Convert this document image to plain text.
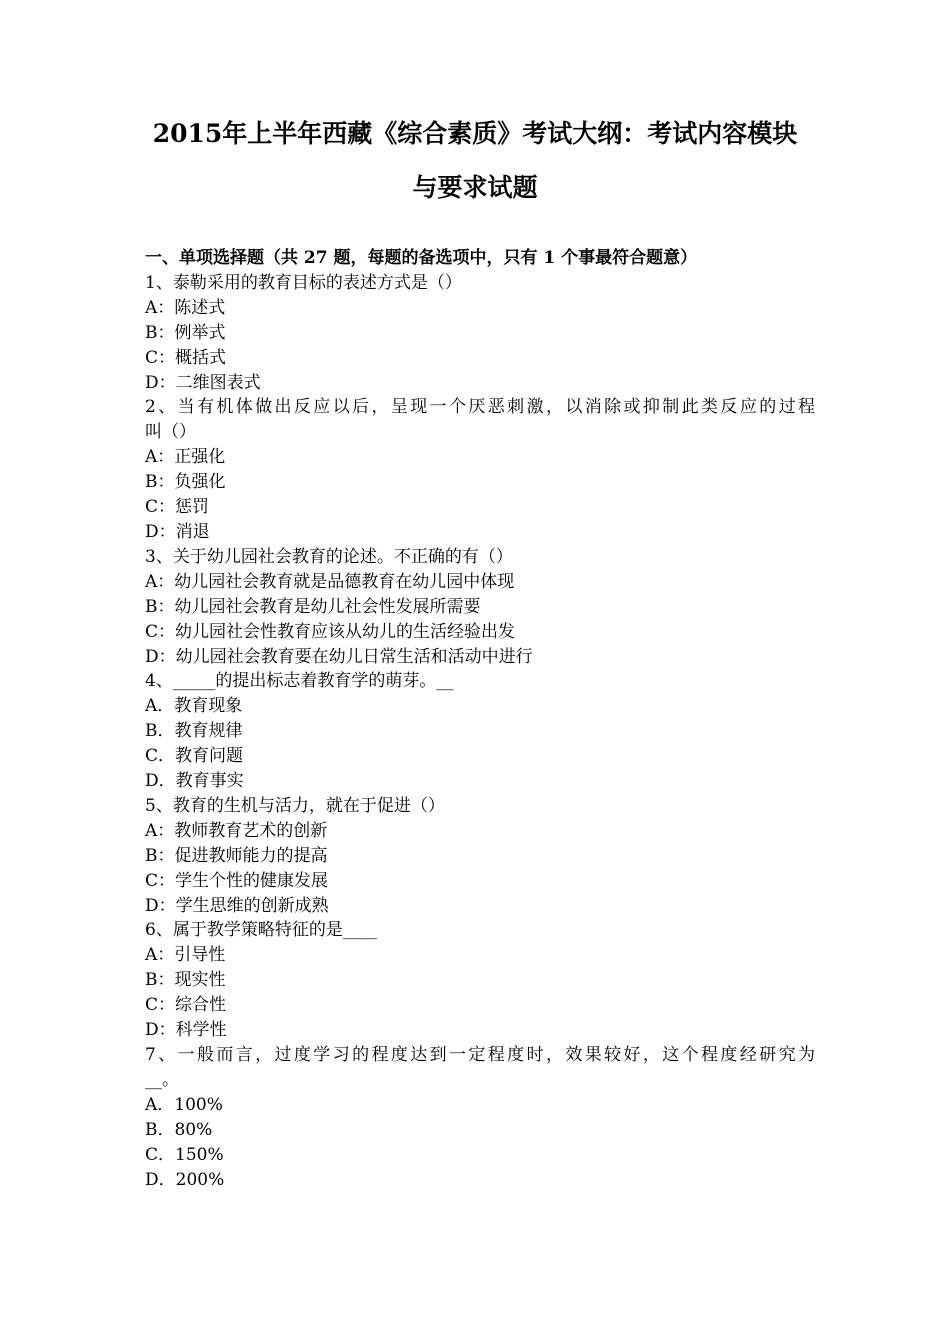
2015年上半年西藏《综合素质》考试大纲：考试内容模块
与要求试题
一、单项选择题（共 27 题，每题的备选项中，只有 1 个事最符合题意）
1、泰勒采用的教育目标的表述方式是（）
A：陈述式
B：例举式
C：概括式
D：二维图表式
2、当有机体做出反应以后，呈现一个厌恶刺激，以消除或抑制此类反应的过程
叫（）
A：正强化
B：负强化
C：惩罚
D：消退
3、关于幼儿园社会教育的论述。不正确的有（）
A：幼儿园社会教育就是品德教育在幼儿园中体现
B：幼儿园社会教育是幼儿社会性发展所需要
C：幼儿园社会性教育应该从幼儿的生活经验出发
D：幼儿园社会教育要在幼儿日常生活和活动中进行
4、_____的提出标志着教育学的萌芽。__
A．教育现象
B．教育规律
C．教育问题
D．教育事实
5、教育的生机与活力，就在于促进（）
A：教师教育艺术的创新
B：促进教师能力的提高
C：学生个性的健康发展
D：学生思维的创新成熟
6、属于教学策略特征的是____
A：引导性
B：现实性
C：综合性
D：科学性
7、一般而言，过度学习的程度达到一定程度时，效果较好，这个程度经研究为
__。
A．100%
B．80%
C．150%
D．200%
